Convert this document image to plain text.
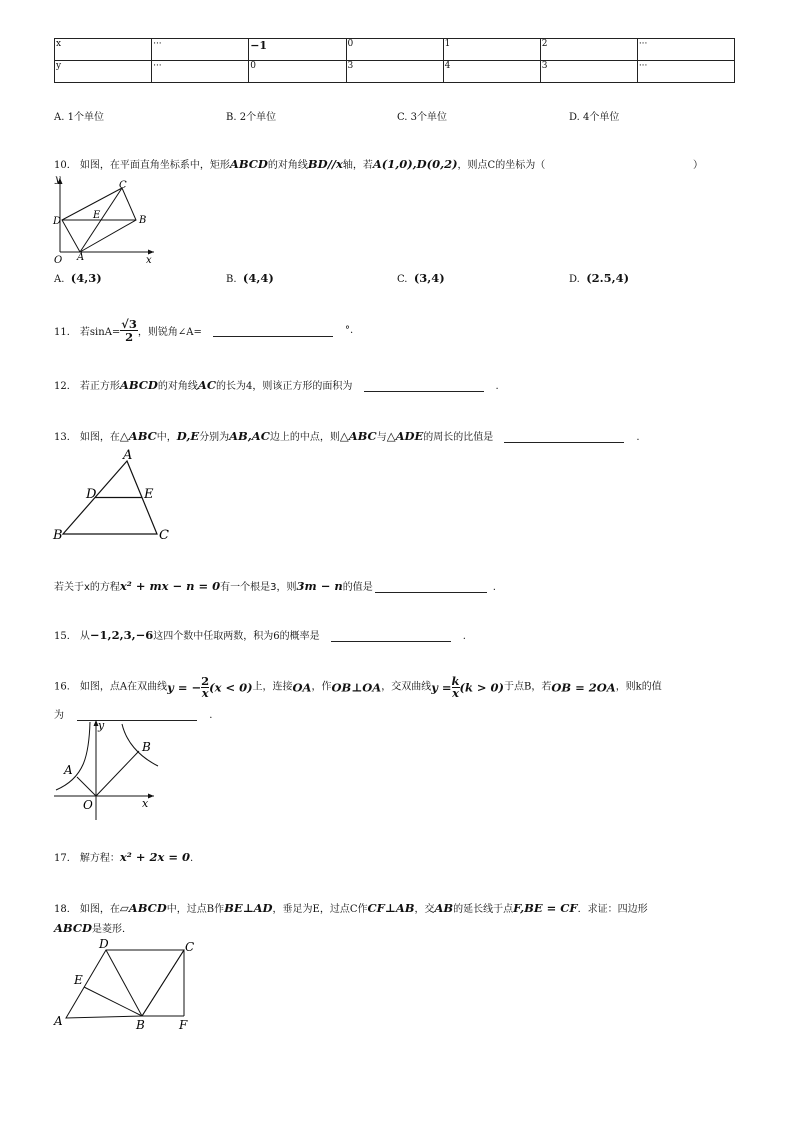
x	···	−1	0	1	2	···
y	···	0	3	4	3	···
A. 1个单位	B. 2个单位	C. 3个单位	D. 4个单位
10． 如图，在平面直角坐标系中，矩形ABCD的对角线BD//x轴，若A(1,0),D(0,2)，则点C的坐标为（	）
y
x
C
D
E	B
O A
A. (4,3)	B. (4,4)	C. (3,4)	D. (2.5,4)
11． 若$\sin A= \frac{√3}{2}$ ，则锐角∠A=	°.
12． 若正方形ABCD的对角线AC的长为4，则该正方形的面积为	.
13． 如图，在△ABC中，D,E分别为AB,AC边上的中点，则△ABC与△ADE的周长的比值是	.
A
D	E
B	C
若关于x的方程x² + mx − n = 0有一个根是3，则3m − n的值是	.
15． 从−1,2,3,−6这四个数中任取两数，积为6的概率是	.
16． 如图，点A在双曲线y = − $\frac{2}{x} (x < 0)$上，连接OA，作OB⊥OA，交双曲线$y = \frac{k}{x} (k > 0)$于点B，若OB = 2OA，则k的值
为	.
y
x
A
B
O
17． 解方程：x² + 2x = 0.
18． 如图，在▱ABCD中，过点B作BE⊥AD，垂足为E，过点C作CF⊥AB，交AB的延长线于点F,BE = CF．求证：四边形
ABCD是菱形．
D	C
E
A	B	F
